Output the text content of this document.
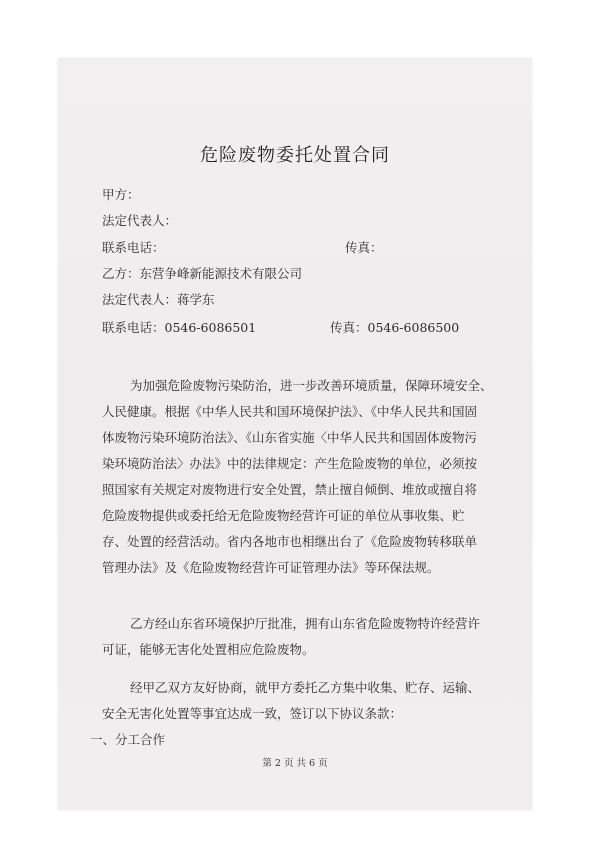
危险废物委托处置合同
甲方：
法定代表人：
联系电话：	传真：
乙方：东营争峰新能源技术有限公司
法定代表人：蒋学东
联系电话：0546-6086501	传真：0546-6086500
为加强危险废物污染防治，进一步改善环境质量，保障环境安全、
人民健康。根据《中华人民共和国环境保护法》、《中华人民共和国固
体废物污染环境防治法》、《山东省实施〈中华人民共和国固体废物污
染环境防治法〉办法》中的法律规定：产生危险废物的单位，必须按
照国家有关规定对废物进行安全处置，禁止擅自倾倒、堆放或擅自将
危险废物提供或委托给无危险废物经营许可证的单位从事收集、贮
存、处置的经营活动。省内各地市也相继出台了《危险废物转移联单
管理办法》及《危险废物经营许可证管理办法》等环保法规。
乙方经山东省环境保护厅批准，拥有山东省危险废物特许经营许
可证，能够无害化处置相应危险废物。
经甲乙双方友好协商，就甲方委托乙方集中收集、贮存、运输、
安全无害化处置等事宜达成一致，签订以下协议条款：
一、分工合作
第 2 页 共 6 页
